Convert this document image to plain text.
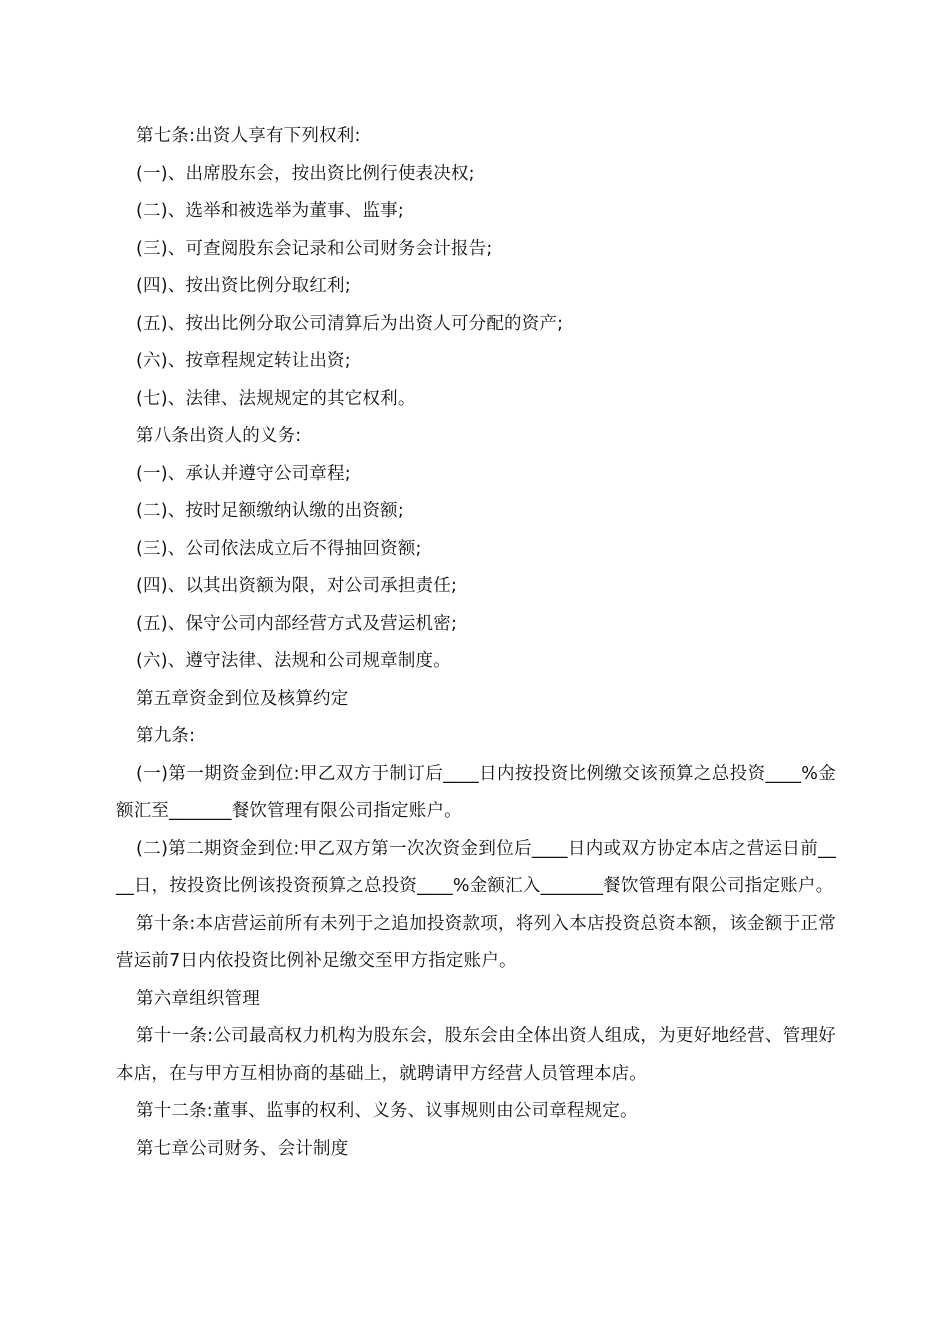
第七条:出资人享有下列权利:

(一)、出席股东会，按出资比例行使表决权;

(二)、选举和被选举为董事、监事;

(三)、可查阅股东会记录和公司财务会计报告;

(四)、按出资比例分取红利;

(五)、按出比例分取公司清算后为出资人可分配的资产;

(六)、按章程规定转让出资;

(七)、法律、法规规定的其它权利。

第八条出资人的义务:

(一)、承认并遵守公司章程;

(二)、按时足额缴纳认缴的出资额;

(三)、公司依法成立后不得抽回资额;

(四)、以其出资额为限，对公司承担责任;

(五)、保守公司内部经营方式及营运机密;

(六)、遵守法律、法规和公司规章制度。

第五章资金到位及核算约定

第九条:

(一)第一期资金到位:甲乙双方于制订后____日内按投资比例缴交该预算之总投资____%金额汇至_______餐饮管理有限公司指定账户。

(二)第二期资金到位:甲乙双方第一次次资金到位后____日内或双方协定本店之营运日前____日，按投资比例该投资预算之总投资____%金额汇入_______餐饮管理有限公司指定账户。

第十条:本店营运前所有未列于之追加投资款项，将列入本店投资总资本额，该金额于正常营运前7日内依投资比例补足缴交至甲方指定账户。

第六章组织管理

第十一条:公司最高权力机构为股东会，股东会由全体出资人组成，为更好地经营、管理好本店，在与甲方互相协商的基础上，就聘请甲方经营人员管理本店。

第十二条:董事、监事的权利、义务、议事规则由公司章程规定。

第七章公司财务、会计制度
